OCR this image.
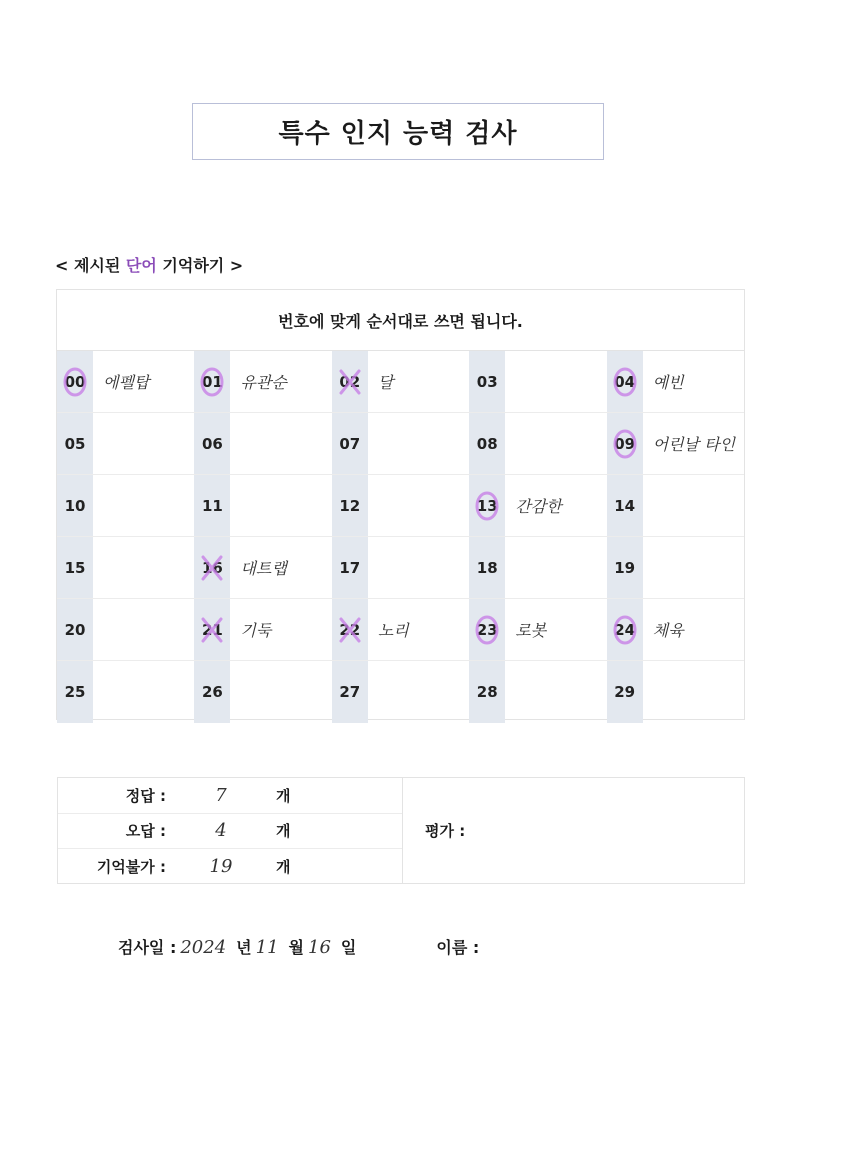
특수 인지 능력 검사
< 제시된 단어 기억하기 >
번호에 맞게 순서대로 쓰면 됩니다.
00	에펠탑	01	유관순	02	달	03	04	예빈
05	06	07	08	09	어린날 타인
10	11	12	13	간감한	14
15	16	대트랩	17	18	19
20	21	기둑	22	노리	23	로봇	24	체육
25	26	27	28	29
정답 :	7	개
오답 :	4	개
기억불가 :	19	개
평가 :
검사일 : 2024 년 11 월 16 일	이름 :
